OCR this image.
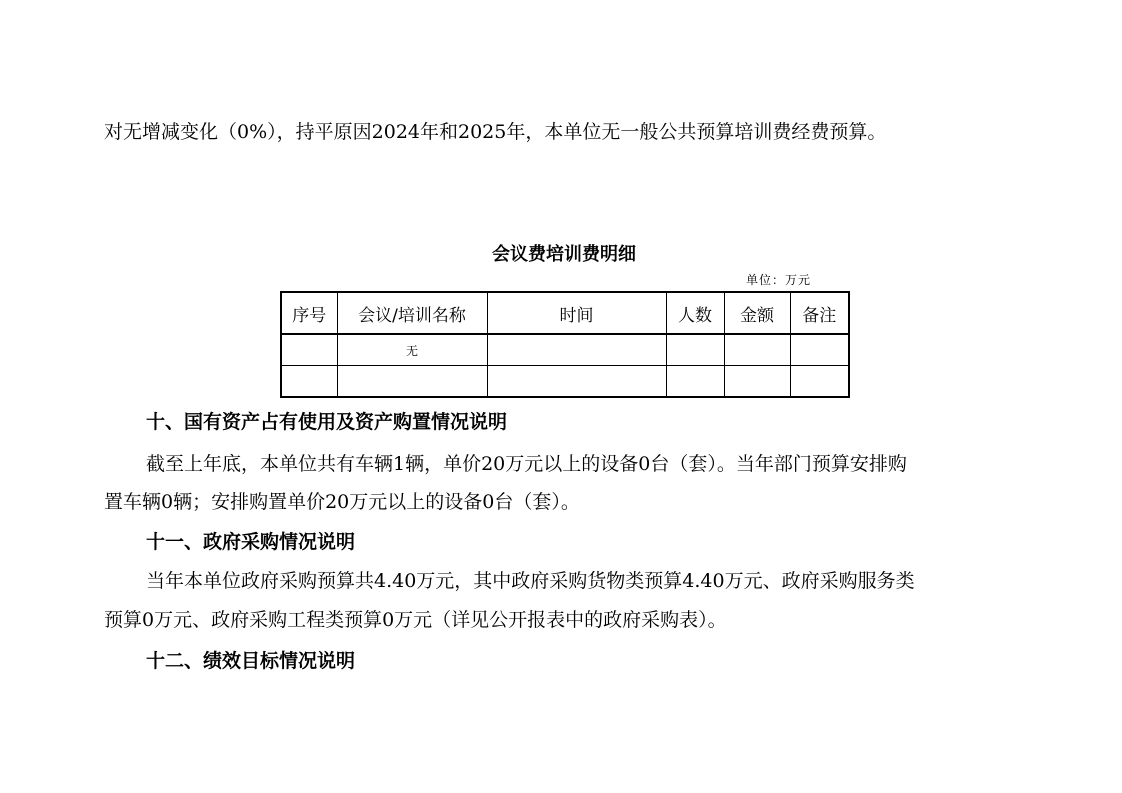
对无增减变化（0%），持平原因2024年和2025年，本单位无一般公共预算培训费经费预算。

会议费培训费明细

单位：万元

序号	会议/培训名称	时间	人数	金额	备注
	无				

十、国有资产占有使用及资产购置情况说明

截至上年底，本单位共有车辆1辆，单价20万元以上的设备0台（套）。当年部门预算安排购

置车辆0辆；安排购置单价20万元以上的设备0台（套）。

十一、政府采购情况说明

当年本单位政府采购预算共4.40万元，其中政府采购货物类预算4.40万元、政府采购服务类

预算0万元、政府采购工程类预算0万元（详见公开报表中的政府采购表）。

十二、绩效目标情况说明
